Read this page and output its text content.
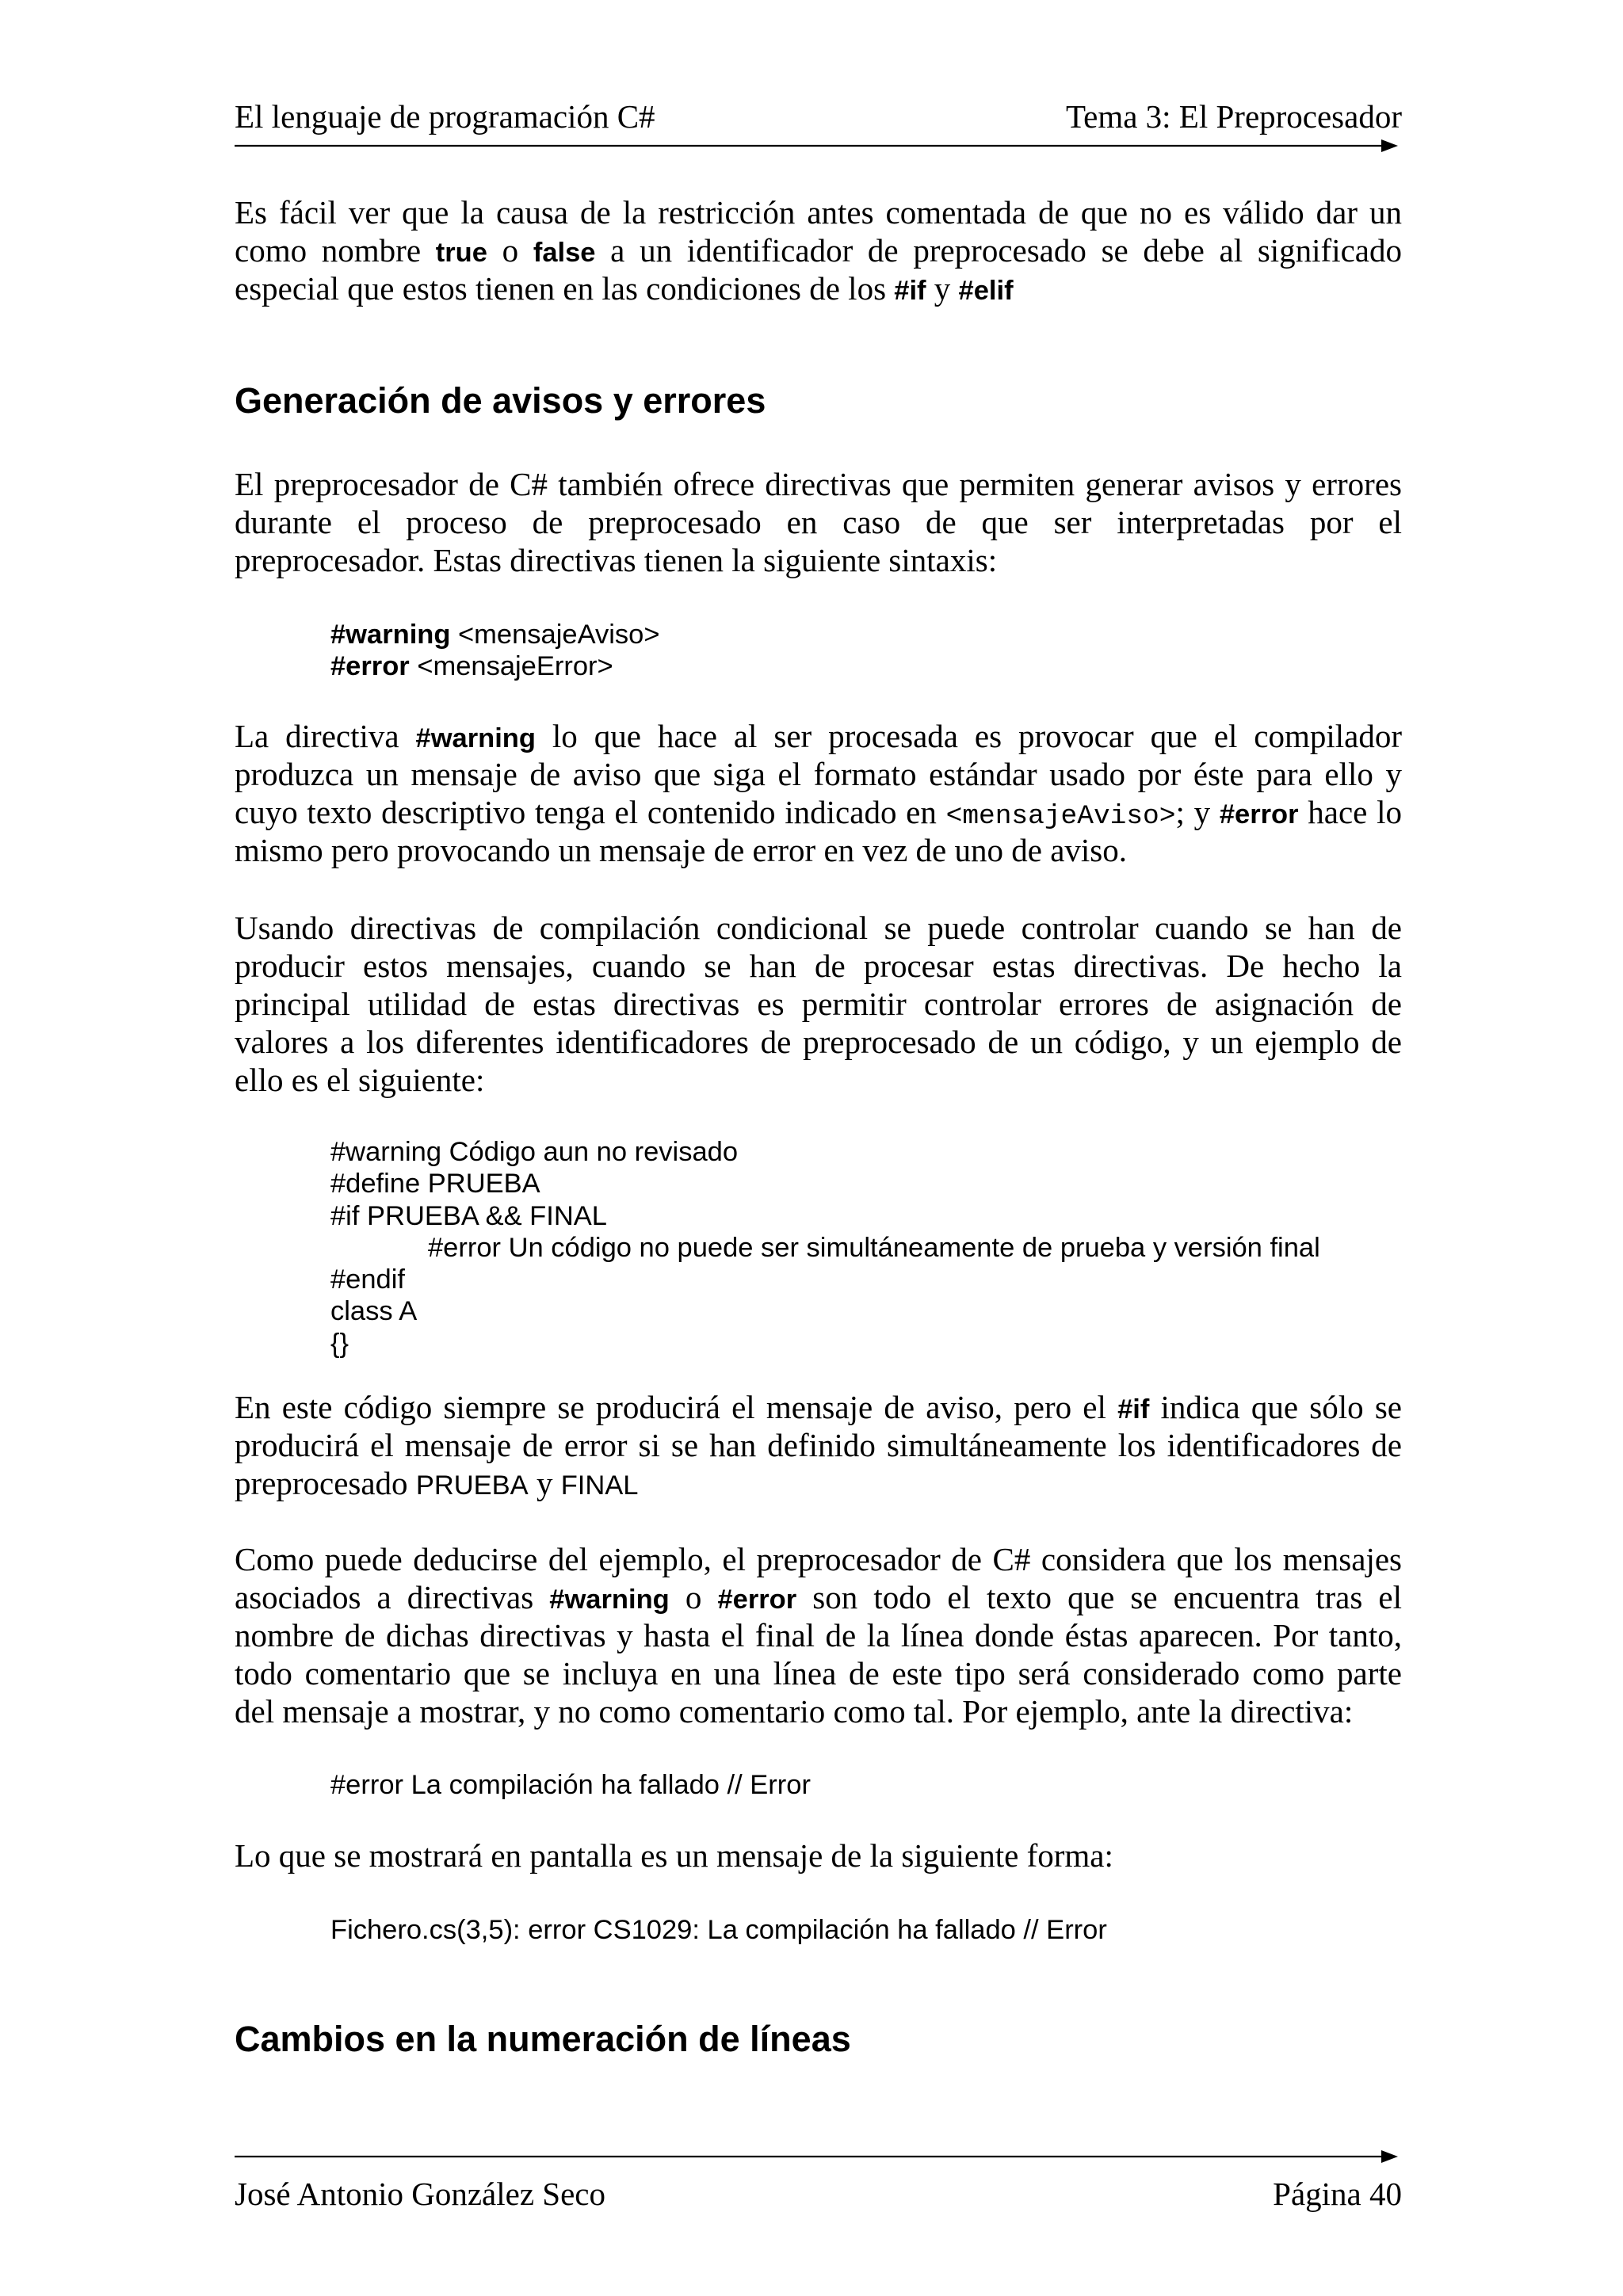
El lenguaje de programación C#	Tema 3: El Preprocesador
Es fácil ver que la causa de la restricción antes comentada de que no es válido dar un
como nombre true o false a un identificador de preprocesado se debe al significado
especial que estos tienen en las condiciones de los #if y #elif
Generación de avisos y errores
El preprocesador de C# también ofrece directivas que permiten generar avisos y errores
durante el proceso de preprocesado en caso de que ser interpretadas por el
preprocesador. Estas directivas tienen la siguiente sintaxis:
#warning <mensajeAviso>
#error <mensajeError>
La directiva #warning lo que hace al ser procesada es provocar que el compilador
produzca un mensaje de aviso que siga el formato estándar usado por éste para ello y
cuyo texto descriptivo tenga el contenido indicado en <mensajeAviso>; y #error hace lo
mismo pero provocando un mensaje de error en vez de uno de aviso.
Usando directivas de compilación condicional se puede controlar cuando se han de
producir estos mensajes, cuando se han de procesar estas directivas. De hecho la
principal utilidad de estas directivas es permitir controlar errores de asignación de
valores a los diferentes identificadores de preprocesado de un código, y un ejemplo de
ello es el siguiente:
#warning Código aun no revisado
#define PRUEBA
#if PRUEBA && FINAL
	#error Un código no puede ser simultáneamente de prueba y versión final
#endif
class A
{}
En este código siempre se producirá el mensaje de aviso, pero el #if indica que sólo se
producirá el mensaje de error si se han definido simultáneamente los identificadores de
preprocesado PRUEBA y FINAL
Como puede deducirse del ejemplo, el preprocesador de C# considera que los mensajes
asociados a directivas #warning o #error son todo el texto que se encuentra tras el
nombre de dichas directivas y hasta el final de la línea donde éstas aparecen. Por tanto,
todo comentario que se incluya en una línea de este tipo será considerado como parte
del mensaje a mostrar, y no como comentario como tal. Por ejemplo, ante la directiva:
#error La compilación ha fallado // Error
Lo que se mostrará en pantalla es un mensaje de la siguiente forma:
Fichero.cs(3,5): error CS1029: La compilación ha fallado // Error
Cambios en la numeración de líneas
José Antonio González Seco	Página 40
